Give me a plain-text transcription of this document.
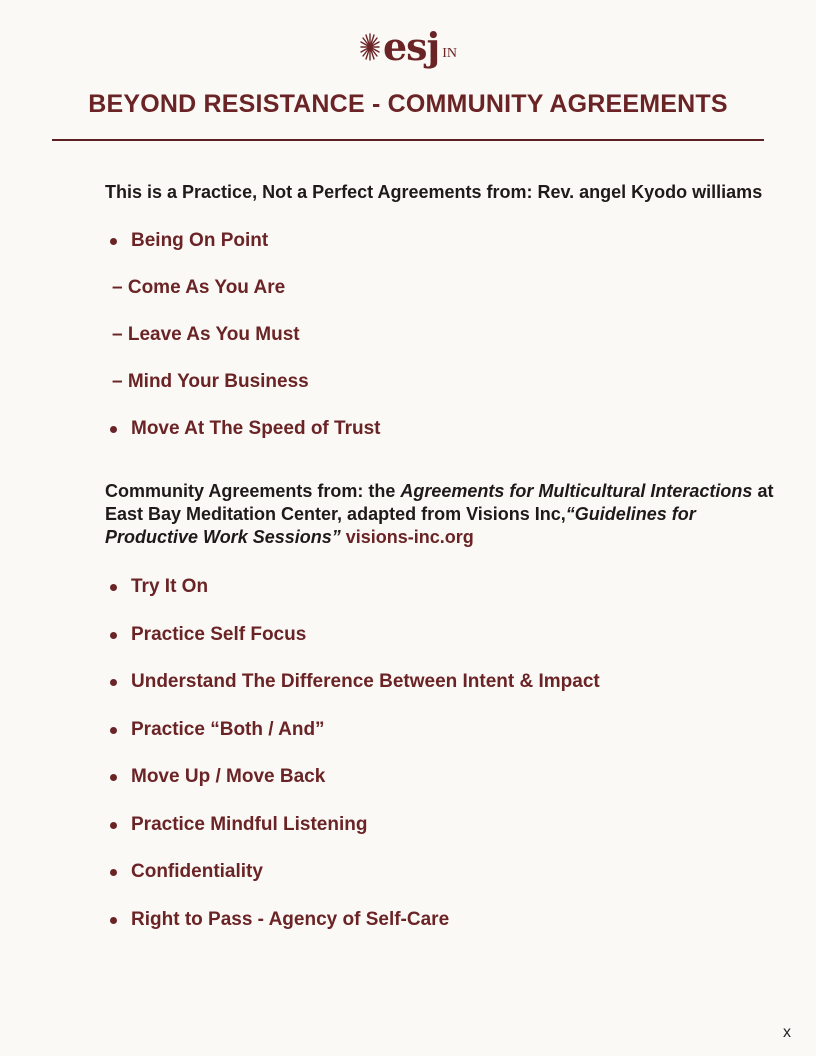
esj IN
BEYOND RESISTANCE - COMMUNITY AGREEMENTS

This is a Practice, Not a Perfect Agreements from: Rev. angel Kyodo williams

Being On Point
– Come As You Are
– Leave As You Must
– Mind Your Business
Move At The Speed of Trust

Community Agreements from: the Agreements for Multicultural Interactions at East Bay Meditation Center, adapted from Visions Inc,“Guidelines for Productive Work Sessions” visions-inc.org

Try It On
Practice Self Focus
Understand The Difference Between Intent & Impact
Practice “Both / And”
Move Up / Move Back
Practice Mindful Listening
Confidentiality
Right to Pass - Agency of Self-Care
x
